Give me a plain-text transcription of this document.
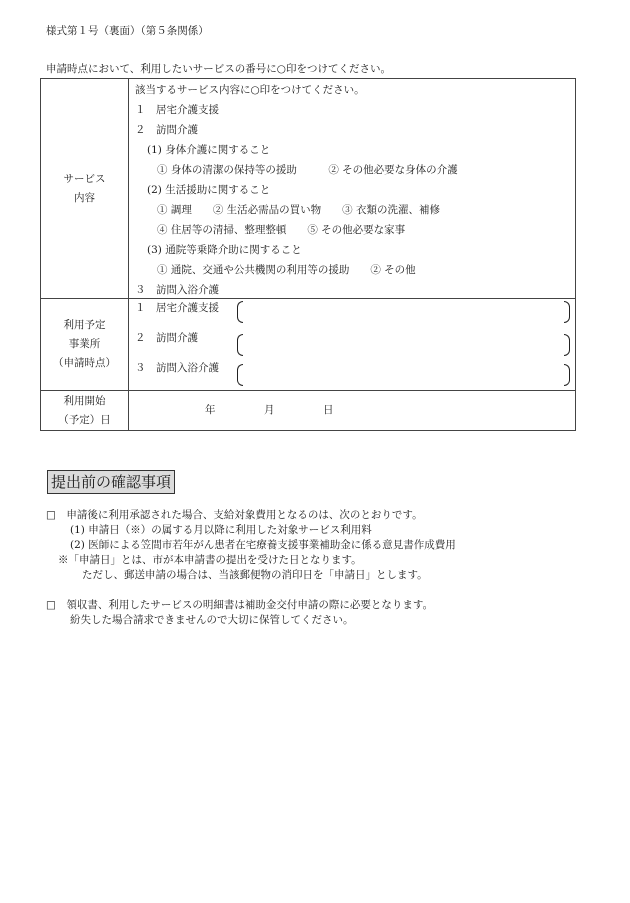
様式第１号（裏面）（第５条関係）
申請時点において、利用したいサービスの番号に○印をつけてください。
サービス
内容
該当するサービス内容に○印をつけてください。
１　居宅介護支援
２　訪問介護
(1) 身体介護に関すること
① 身体の清潔の保持等の援助　　　② その他必要な身体の介護
(2) 生活援助に関すること
① 調理　　② 生活必需品の買い物　　③ 衣類の洗濯、補修
④ 住居等の清掃、整理整頓　　⑤ その他必要な家事
(3) 通院等乗降介助に関すること
① 通院、交通や公共機関の利用等の援助　　② その他
３　訪問入浴介護
利用予定
事業所
（申請時点）
１　居宅介護支援
２　訪問介護
３　訪問入浴介護
利用開始
（予定）日
年	月	日
提出前の確認事項
□　申請後に利用承認された場合、支給対象費用となるのは、次のとおりです。
(1) 申請日（※）の属する月以降に利用した対象サービス利用料
(2) 医師による笠間市若年がん患者在宅療養支援事業補助金に係る意見書作成費用
※「申請日」とは、市が本申請書の提出を受けた日となります。
ただし、郵送申請の場合は、当該郵便物の消印日を「申請日」とします。
□　領収書、利用したサービスの明細書は補助金交付申請の際に必要となります。
紛失した場合請求できませんので大切に保管してください。
